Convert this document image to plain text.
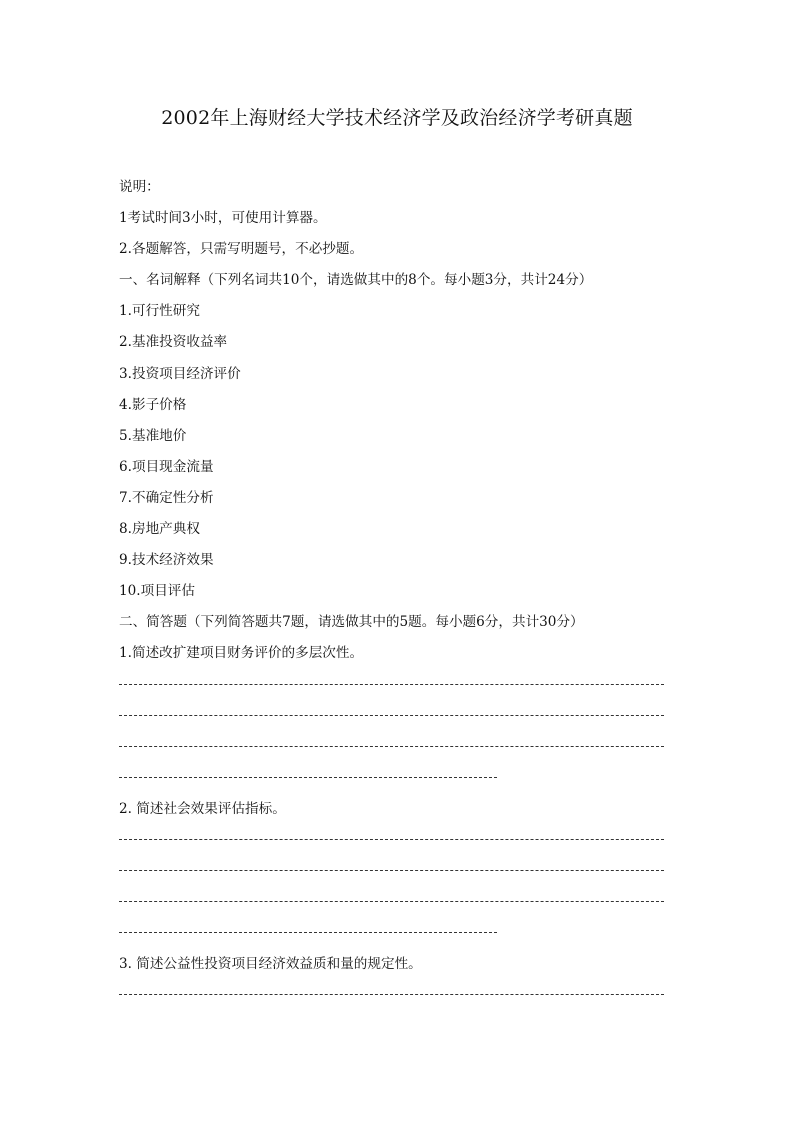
2002年上海财经大学技术经济学及政治经济学考研真题
说明：
1考试时间3小时，可使用计算器。
2.各题解答，只需写明题号，不必抄题。
一、名词解释（下列名词共10个，请选做其中的8个。每小题3分，共计24分）
1.可行性研究
2.基准投资收益率
3.投资项目经济评价
4.影子价格
5.基准地价
6.项目现金流量
7.不确定性分析
8.房地产典权
9.技术经济效果
10.项目评估
二、简答题（下列简答题共7题，请选做其中的5题。每小题6分，共计30分）
1.简述改扩建项目财务评价的多层次性。
2. 简述社会效果评估指标。
3. 简述公益性投资项目经济效益质和量的规定性。
